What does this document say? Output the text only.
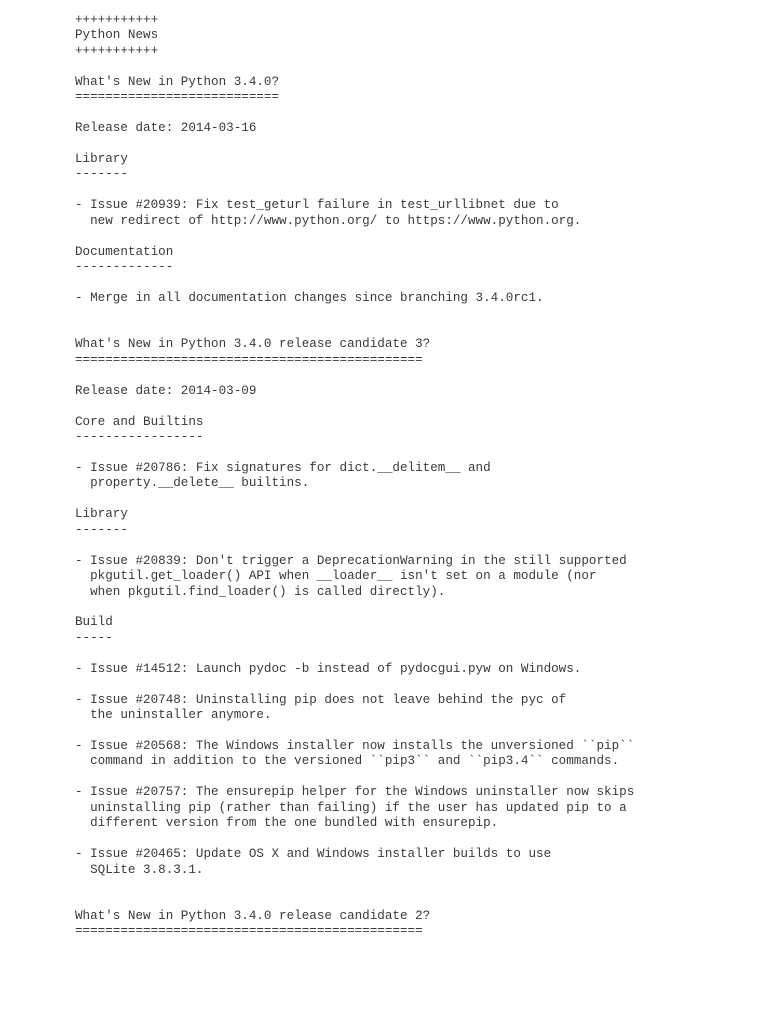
+++++++++++
Python News
+++++++++++
What's New in Python 3.4.0?
===========================
Release date: 2014-03-16
Library
-------
- Issue #20939: Fix test_geturl failure in test_urllibnet due to
new redirect of http://www.python.org/ to https://www.python.org.
Documentation
-------------
- Merge in all documentation changes since branching 3.4.0rc1.
What's New in Python 3.4.0 release candidate 3?
==============================================
Release date: 2014-03-09
Core and Builtins
-----------------
- Issue #20786: Fix signatures for dict.__delitem__ and
property.__delete__ builtins.
Library
-------
- Issue #20839: Don't trigger a DeprecationWarning in the still supported
pkgutil.get_loader() API when __loader__ isn't set on a module (nor
when pkgutil.find_loader() is called directly).
Build
-----
- Issue #14512: Launch pydoc -b instead of pydocgui.pyw on Windows.
- Issue #20748: Uninstalling pip does not leave behind the pyc of
the uninstaller anymore.
- Issue #20568: The Windows installer now installs the unversioned ``pip``
command in addition to the versioned ``pip3`` and ``pip3.4`` commands.
- Issue #20757: The ensurepip helper for the Windows uninstaller now skips
uninstalling pip (rather than failing) if the user has updated pip to a
different version from the one bundled with ensurepip.
- Issue #20465: Update OS X and Windows installer builds to use
SQLite 3.8.3.1.
What's New in Python 3.4.0 release candidate 2?
==============================================
